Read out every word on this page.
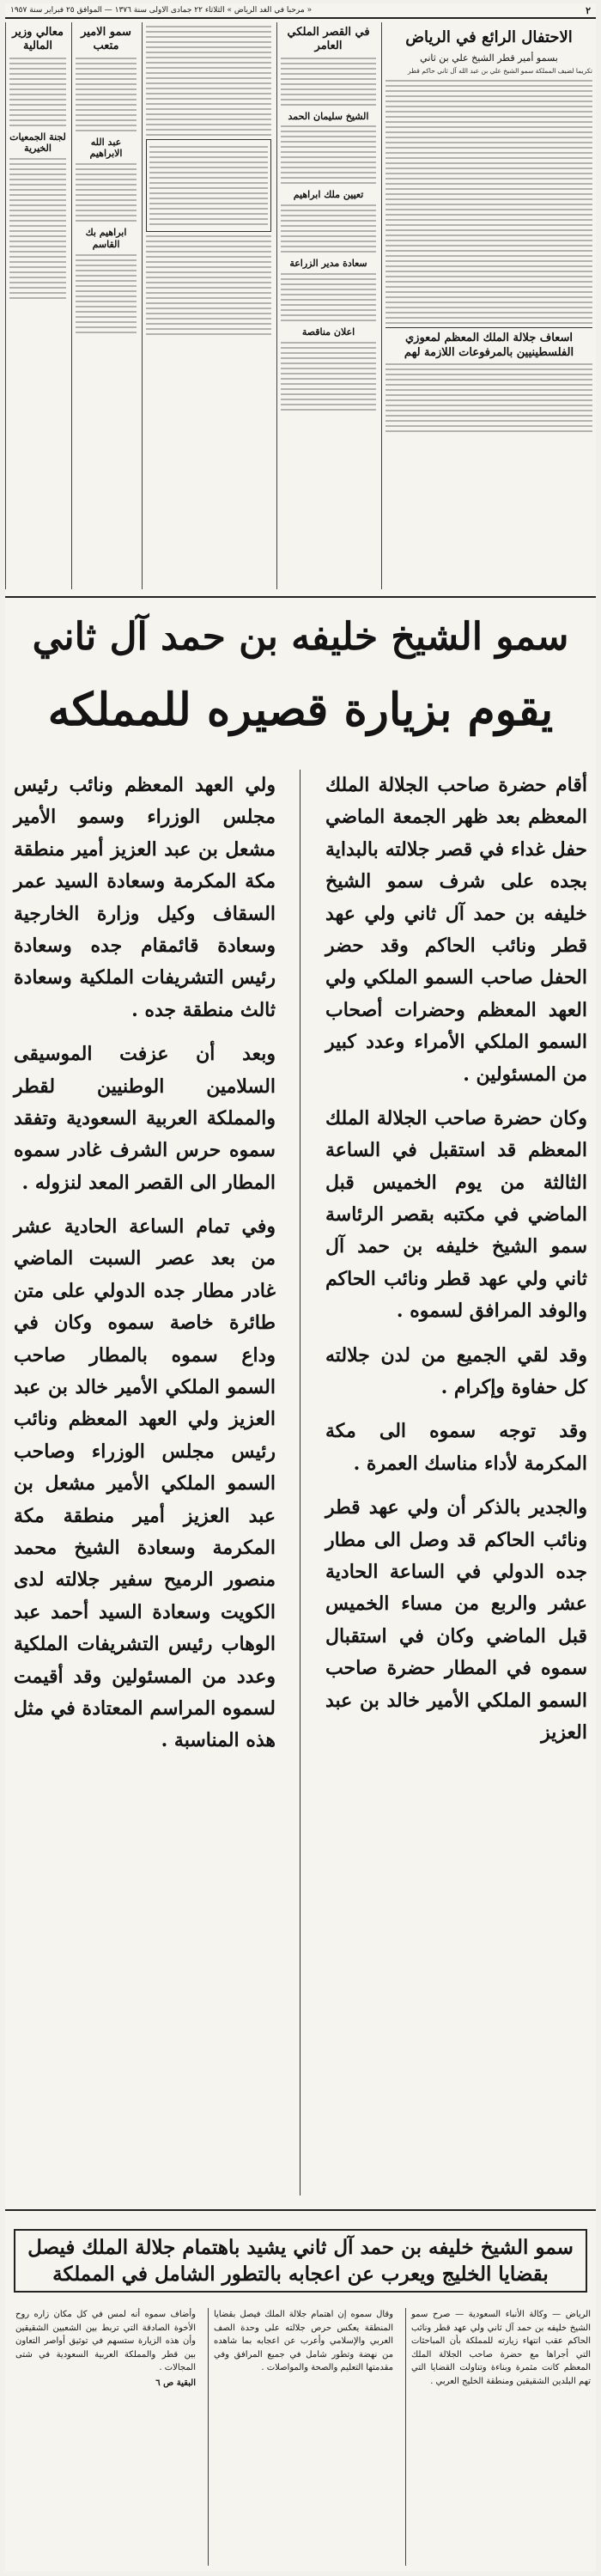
٢
« مرحبا في الغد الرياض » الثلاثاء ٢٢ جمادى الاولى سنة ١٣٧٦ — الموافق ٢٥ فبراير سنة ١٩٥٧
الاحتفال الرائع في الرياض
بسمو أمير قطر الشيخ علي بن ثاني

تكريما لضيف المملكة سمو الشيخ علي بن عبد الله آل ثاني حاكم قطر

اسعاف جلالة الملك المعظم لمعوزي الفلسطينيين بالمرفوعات اللازمة لهم
في القصر الملكي العامر
الشيخ سليمان الحمد
تعيين ملك ابراهيم
سعادة مدير الزراعة
اعلان مناقصة
سمو الامير متعب
عبد الله الابراهيم
ابراهيم بك القاسم
معالي وزير المالية
لجنة الجمعيات الخيرية
سمو الشيخ خليفه بن حمد آل ثاني
يقوم بزيارة قصيره للمملكه

أقام حضرة صاحب الجلالة الملك المعظم بعد ظهر الجمعة الماضي حفل غداء في قصر جلالته بالبداية بجده على شرف سمو الشيخ خليفه بن حمد آل ثاني ولي عهد قطر ونائب الحاكم وقد حضر الحفل صاحب السمو الملكي ولي العهد المعظم وحضرات أصحاب السمو الملكي الأمراء وعدد كبير من المسئولين .

وكان حضرة صاحب الجلالة الملك المعظم قد استقبل في الساعة الثالثة من يوم الخميس قبل الماضي في مكتبه بقصر الرئاسة سمو الشيخ خليفه بن حمد آل ثاني ولي عهد قطر ونائب الحاكم والوفد المرافق لسموه .

وقد لقي الجميع من لدن جلالته كل حفاوة وإكرام .

وقد توجه سموه الى مكة المكرمة لأداء مناسك العمرة .

والجدير بالذكر أن ولي عهد قطر ونائب الحاكم قد وصل الى مطار جده الدولي في الساعة الحادية عشر والربع من مساء الخميس قبل الماضي وكان في استقبال سموه في المطار حضرة صاحب السمو الملكي الأمير خالد بن عبد العزيز

ولي العهد المعظم ونائب رئيس مجلس الوزراء وسمو الأمير مشعل بن عبد العزيز أمير منطقة مكة المكرمة وسعادة السيد عمر السقاف وكيل وزارة الخارجية وسعادة قائمقام جده وسعادة رئيس التشريفات الملكية وسعادة ثالث منطقة جده .

وبعد أن عزفت الموسيقى السلامين الوطنيين لقطر والمملكة العربية السعودية وتفقد سموه حرس الشرف غادر سموه المطار الى القصر المعد لنزوله .

وفي تمام الساعة الحادية عشر من بعد عصر السبت الماضي غادر مطار جده الدولي على متن طائرة خاصة سموه وكان في وداع سموه بالمطار صاحب السمو الملكي الأمير خالد بن عبد العزيز ولي العهد المعظم ونائب رئيس مجلس الوزراء وصاحب السمو الملكي الأمير مشعل بن عبد العزيز أمير منطقة مكة المكرمة وسعادة الشيخ محمد منصور الرميح سفير جلالته لدى الكويت وسعادة السيد أحمد عبد الوهاب رئيس التشريفات الملكية وعدد من المسئولين وقد أقيمت لسموه المراسم المعتادة في مثل هذه المناسبة .

سمو الشيخ خليفه بن حمد آل ثاني يشيد باهتمام جلالة الملك فيصل بقضايا الخليج ويعرب عن اعجابه بالتطور الشامل في المملكة

الرياض — وكالة الأنباء السعودية — صرح سمو الشيخ خليفه بن حمد آل ثاني ولي عهد قطر ونائب الحاكم عقب انتهاء زيارته للمملكة بأن المباحثات التي أجراها مع حضرة صاحب الجلالة الملك المعظم كانت مثمرة وبناءة وتناولت القضايا التي تهم البلدين الشقيقين ومنطقة الخليج العربي .

وقال سموه إن اهتمام جلالة الملك فيصل بقضايا المنطقة يعكس حرص جلالته على وحدة الصف العربي والإسلامي وأعرب عن اعجابه بما شاهده من نهضة وتطور شامل في جميع المرافق وفي مقدمتها التعليم والصحة والمواصلات .

وأضاف سموه أنه لمس في كل مكان زاره روح الأخوة الصادقة التي تربط بين الشعبين الشقيقين وأن هذه الزيارة ستسهم في توثيق أواصر التعاون بين قطر والمملكة العربية السعودية في شتى المجالات .

البقية ص ٦
